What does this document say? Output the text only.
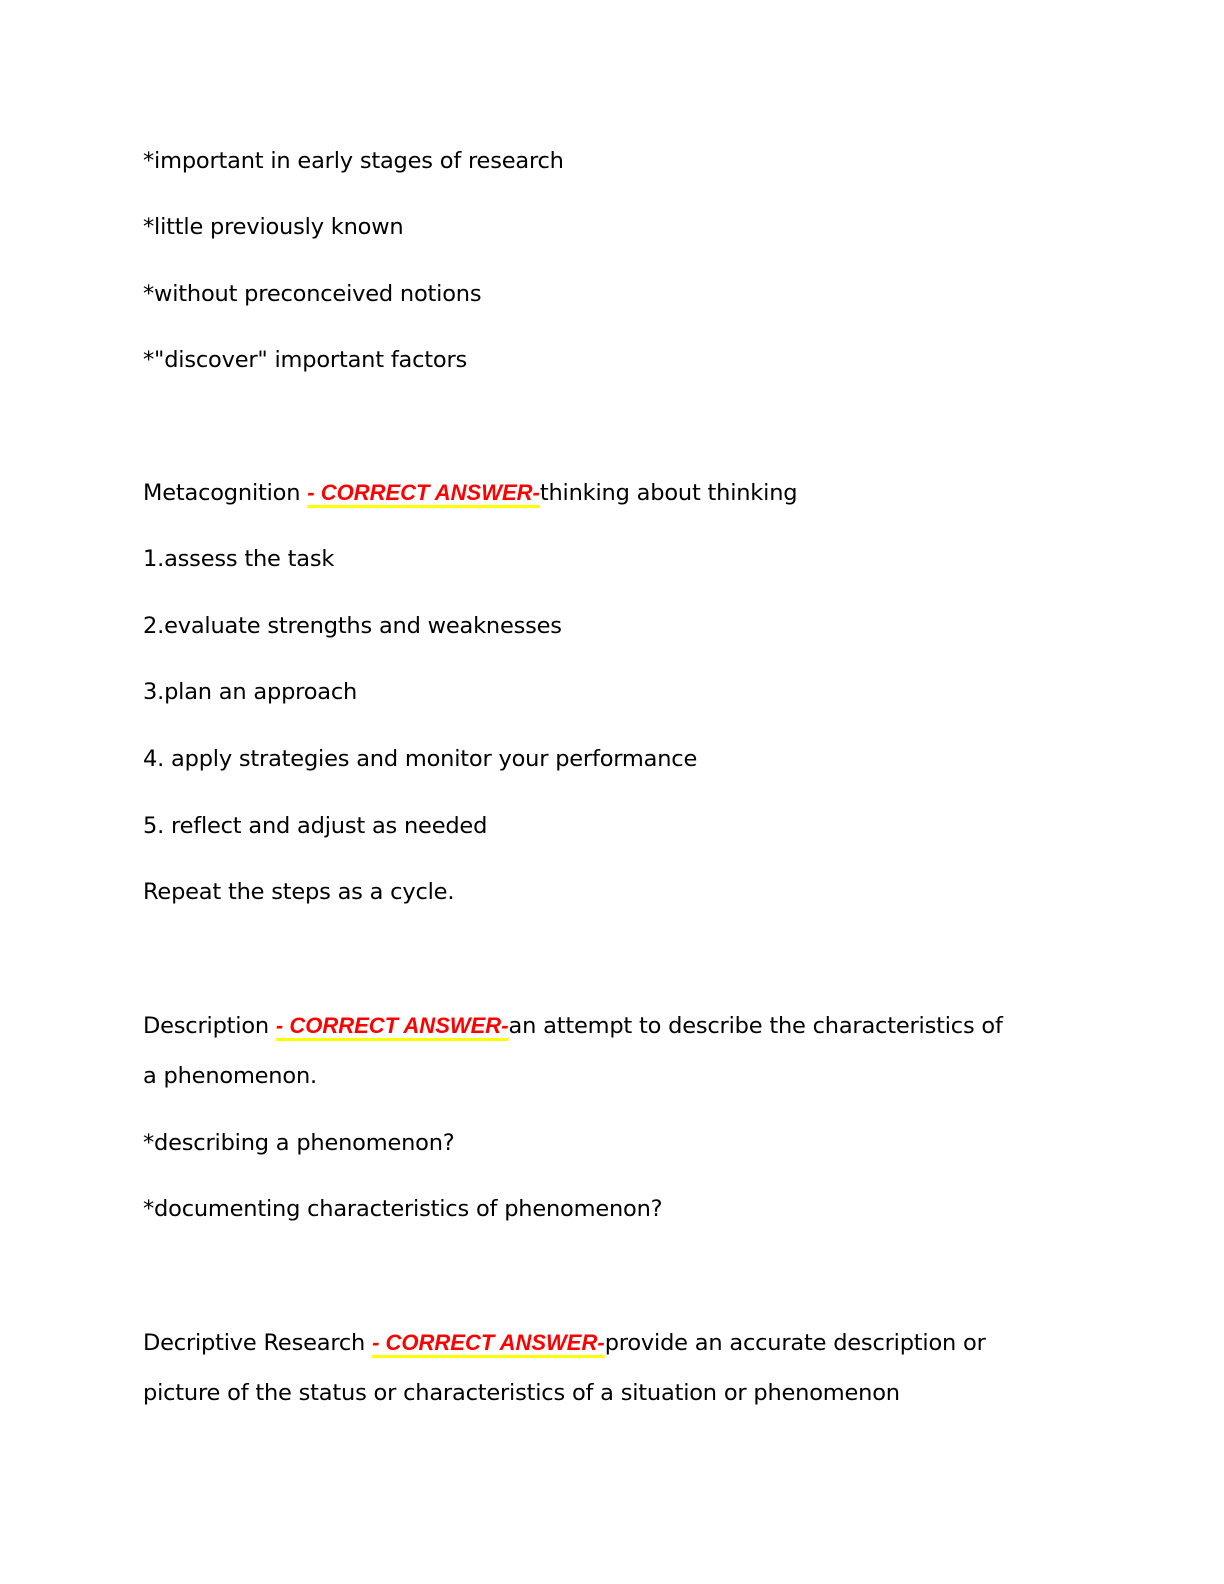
*important in early stages of research
*little previously known
*without preconceived notions
*"discover" important factors
Metacognition - CORRECT ANSWER-thinking about thinking
1.assess the task
2.evaluate strengths and weaknesses
3.plan an approach
4. apply strategies and monitor your performance
5. reflect and adjust as needed
Repeat the steps as a cycle.
Description - CORRECT ANSWER-an attempt to describe the characteristics of
a phenomenon.
*describing a phenomenon?
*documenting characteristics of phenomenon?
Decriptive Research - CORRECT ANSWER-provide an accurate description or
picture of the status or characteristics of a situation or phenomenon
